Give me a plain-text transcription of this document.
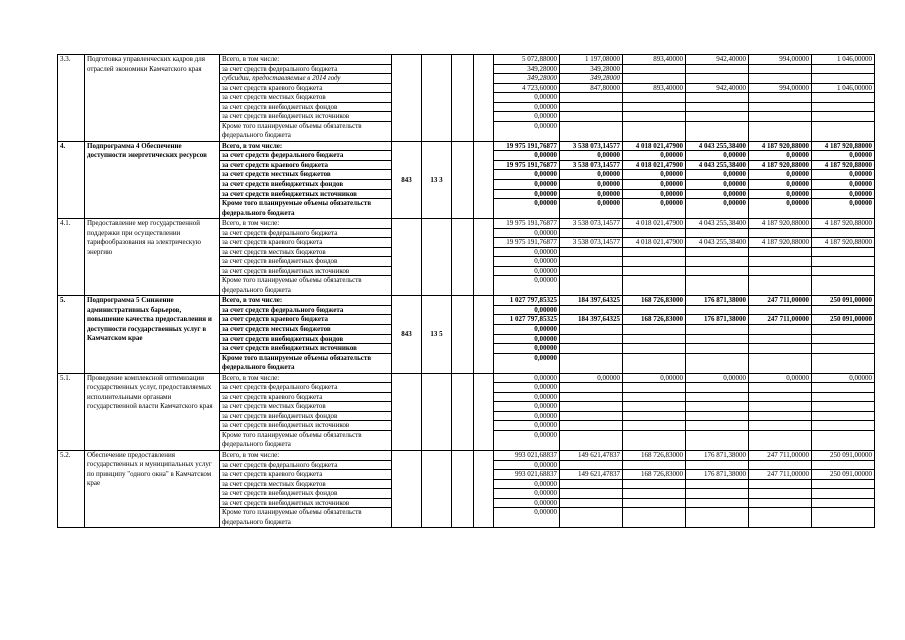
3.3.	Подготовка управленческих кадров для отраслей экономики Камчатского края	Всего, в том числе:					5 072,88000	1 197,08000	893,40000	942,40000	994,00000	1 046,00000
		за счет средств федерального бюджета					349,28000	349,28000				
		субсидии, предоставляемые в 2014 году					349,28000	349,28000				
		за счет средств краевого бюджета					4 723,60000	847,80000	893,40000	942,40000	994,00000	1 046,00000
		за счет средств местных бюджетов					0,00000					
		за счет средств внебюджетных фондов					0,00000					
		за счет средств внебюджетных источников					0,00000					
		Кроме того планируемые объемы обязательств федерального бюджета					0,00000					
4.	Подпрограмма 4 Обеспечение доступности энергетических ресурсов	Всего, в том числе:	843	13 3			19 975 191,76877	3 538 073,14577	4 018 021,47900	4 043 255,38400	4 187 920,88000	4 187 920,88000
		за счет средств федерального бюджета					0,00000	0,00000	0,00000	0,00000	0,00000	0,00000
		за счет средств краевого бюджета					19 975 191,76877	3 538 073,14577	4 018 021,47900	4 043 255,38400	4 187 920,88000	4 187 920,88000
		за счет средств местных бюджетов					0,00000	0,00000	0,00000	0,00000	0,00000	0,00000
		за счет средств внебюджетных фондов					0,00000	0,00000	0,00000	0,00000	0,00000	0,00000
		за счет средств внебюджетных источников					0,00000	0,00000	0,00000	0,00000	0,00000	0,00000
		Кроме того планируемые объемы обязательств федерального бюджета					0,00000	0,00000	0,00000	0,00000	0,00000	0,00000
4.1.	Предоставление мер государственной поддержки при осуществлении тарифообразования на электрическую энергию	Всего, в том числе:					19 975 191,76877	3 538 073,14577	4 018 021,47900	4 043 255,38400	4 187 920,88000	4 187 920,88000
		за счет средств федерального бюджета					0,00000					
		за счет средств краевого бюджета					19 975 191,76877	3 538 073,14577	4 018 021,47900	4 043 255,38400	4 187 920,88000	4 187 920,88000
		за счет средств местных бюджетов					0,00000					
		за счет средств внебюджетных фондов					0,00000					
		за счет средств внебюджетных источников					0,00000					
		Кроме того планируемые объемы обязательств федерального бюджета					0,00000					
5.	Подпрограмма 5 Снижение административных барьеров, повышение качества предоставления и доступности государственных услуг в Камчатском крае	Всего, в том числе:	843	13 5			1 027 797,85325	184 397,64325	168 726,83000	176 871,38000	247 711,00000	250 091,00000
		за счет средств федерального бюджета					0,00000					
		за счет средств краевого бюджета					1 027 797,85325	184 397,64325	168 726,83000	176 871,38000	247 711,00000	250 091,00000
		за счет средств местных бюджетов					0,00000					
		за счет средств внебюджетных фондов					0,00000					
		за счет средств внебюджетных источников					0,00000					
		Кроме того планируемые объемы обязательств федерального бюджета					0,00000					
5.1.	Проведение комплексной оптимизации государственных услуг, предоставляемых исполнительными органами государственной власти Камчатского края	Всего, в том числе:					0,00000	0,00000	0,00000	0,00000	0,00000	0,00000
		за счет средств федерального бюджета					0,00000					
		за счет средств краевого бюджета					0,00000					
		за счет средств местных бюджетов					0,00000					
		за счет средств внебюджетных фондов					0,00000					
		за счет средств внебюджетных источников					0,00000					
		Кроме того планируемые объемы обязательств федерального бюджета					0,00000					
5.2.	Обеспечение предоставления государственных и муниципальных услуг по принципу "одного окна" в Камчатском крае	Всего, в том числе:					993 021,68837	149 621,47837	168 726,83000	176 871,38000	247 711,00000	250 091,00000
		за счет средств федерального бюджета					0,00000					
		за счет средств краевого бюджета					993 021,68837	149 621,47837	168 726,83000	176 871,38000	247 711,00000	250 091,00000
		за счет средств местных бюджетов					0,00000					
		за счет средств внебюджетных фондов					0,00000					
		за счет средств внебюджетных источников					0,00000					
		Кроме того планируемые объемы обязательств федерального бюджета					0,00000					
